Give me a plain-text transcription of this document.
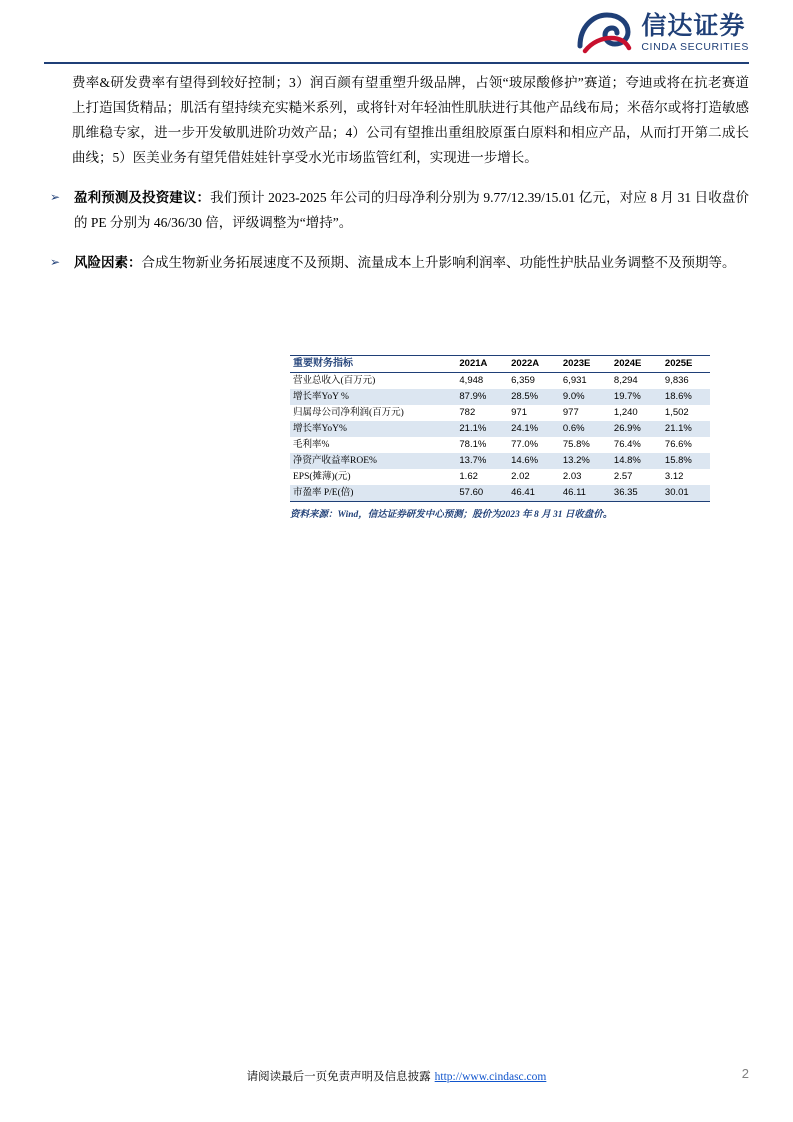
信达证券
CINDA SECURITIES

费率&研发费率有望得到较好控制；3）润百颜有望重塑升级品牌，占领“玻尿酸修护”赛道；夸迪或将在抗老赛道上打造国货精品；肌活有望持续充实糙米系列，或将针对年轻油性肌肤进行其他产品线布局；米蓓尔或将打造敏感肌维稳专家，进一步开发敏肌进阶功效产品；4）公司有望推出重组胶原蛋白原料和相应产品，从而打开第二成长曲线；5）医美业务有望凭借娃娃针享受水光市场监管红利，实现进一步增长。

➢	盈利预测及投资建议：我们预计 2023-2025 年公司的归母净利分别为 9.77/12.39/15.01 亿元，对应 8 月 31 日收盘价的 PE 分别为 46/36/30 倍，评级调整为“增持”。
➢	风险因素：合成生物新业务拓展速度不及预期、流量成本上升影响利润率、功能性护肤品业务调整不及预期等。
重要财务指标	2021A	2022A	2023E	2024E	2025E
营业总收入(百万元)	4,948	6,359	6,931	8,294	9,836
增长率YoY %	87.9%	28.5%	9.0%	19.7%	18.6%
归属母公司净利润(百万元)	782	971	977	1,240	1,502
增长率YoY%	21.1%	24.1%	0.6%	26.9%	21.1%
毛利率%	78.1%	77.0%	75.8%	76.4%	76.6%
净资产收益率ROE%	13.7%	14.6%	13.2%	14.8%	15.8%
EPS(摊薄)(元)	1.62	2.02	2.03	2.57	3.12
市盈率 P/E(倍)	57.60	46.41	46.11	36.35	30.01
资料来源：Wind，信达证券研发中心预测；股价为2023 年 8 月 31 日收盘价。
请阅读最后一页免责声明及信息披露 http://www.cindasc.com	2
